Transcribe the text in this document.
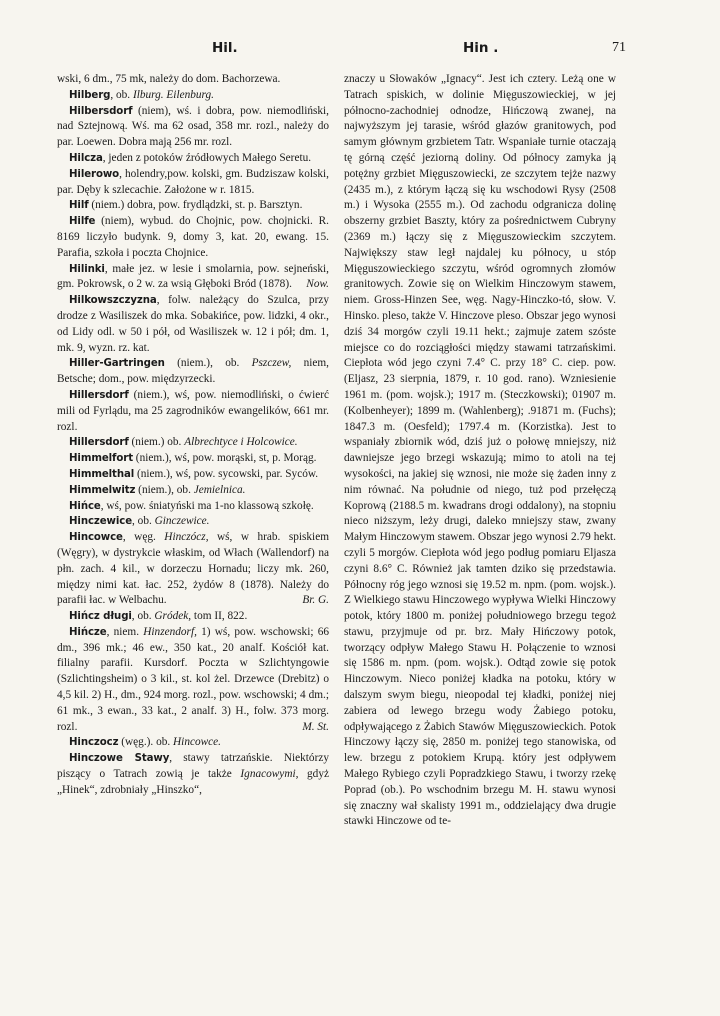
Hil.	Hin .	71

wski, 6 dm., 75 mk, należy do dom. Bachorzewa.

Hilberg, ob. Ilburg. Eilenburg.

Hilbersdorf (niem), wś. i dobra, pow. niemodliński, nad Sztejnową. Wś. ma 62 osad, 358 mr. rozl., należy do par. Loewen. Dobra mają 256 mr. rozl.

Hilcza, jeden z potoków źródłowych Małego Seretu.

Hilerowo, holendry,pow. kolski, gm. Budziszaw kolski, par. Dęby k szlecachie. Założone w r. 1815.

Hilf (niem.) dobra, pow. frydlądzki, st. p. Barsztyn.

Hilfe (niem), wybud. do Chojnic, pow. chojnicki. R. 8169 liczyło budynk. 9, domy 3, kat. 20, ewang. 15. Parafia, szkoła i poczta Chojnice.

Hilinki, małe jez. w lesie i smolarnia, pow. sejneński, gm. Pokrowsk, o 2 w. za wsią Głęboki Bród (1878).	Now.

Hilkowszczyzna, folw. należący do Szulca, przy drodze z Wasiliszek do mka. Sobakińce, pow. lidzki, 4 okr., od Lidy odl. w 50 i pół, od Wasiliszek w. 12 i pół; dm. 1, mk. 9, wyzn. rz. kat.

Hiller-Gartringen (niem.), ob. Pszczew, niem, Betsche; dom., pow. międzyrzecki.

Hillersdorf (niem.), wś, pow. niemodliński, o ćwierć mili od Fyrlądu, ma 25 zagrodników ewangelików, 661 mr. rozl.

Hillersdorf (niem.) ob. Albrechtyce i Holcowice.

Himmelfort (niem.), wś, pow. morąski, st, p. Morąg.

Himmelthal (niem.), wś, pow. sycowski, par. Syców.

Himmelwitz (niem.), ob. Jemielnica.

Hińce, wś, pow. śniatyński ma 1-no klassową szkołę.

Hinczewice, ob. Ginczewice.

Hincowce, węg. Hinczócz, wś, w hrab. spiskiem (Węgry), w dystrykcie właskim, od Włach (Wallendorf) na płn. zach. 4 kil., w dorzeczu Hornadu; liczy mk. 260, między nimi kat. łac. 252, żydów 8 (1878). Należy do parafii łac. w Welbachu.	Br. G.

Hińcz długi, ob. Gródek, tom II, 822.

Hińcze, niem. Hinzendorf, 1) wś, pow. wschowski; 66 dm., 396 mk.; 46 ew., 350 kat., 20 analf. Kościół kat. filialny parafii. Kursdorf. Poczta w Szlichtyngowie (Szlichtingsheim) o 3 kil., st. kol żel. Drzewce (Drebitz) o 4,5 kil. 2) H., dm., 924 morg. rozl., pow. wschowski; 4 dm.; 61 mk., 3 ewan., 33 kat., 2 analf. 3) H., folw. 373 morg. rozl.	M. St.

Hinczocz (węg.). ob. Hincowce.

Hinczowe Stawy, stawy tatrzańskie. Niektórzy piszący o Tatrach zowią je także Ignacowymi, gdyż „Hinek“, zdrobniały „Hinszko“,

znaczy u Słowaków „Ignacy“. Jest ich cztery. Leżą one w Tatrach spiskich, w dolinie Mięguszowieckiej, w jej północno-zachodniej odnodze, Hińczową zwanej, na najwyższym jej tarasie, wśród głazów granitowych, pod samym głównym grzbietem Tatr. Wspaniałe turnie otaczają tę górną część jeziorną doliny. Od północy zamyka ją potężny grzbiet Mięguszowiecki, ze szczytem tejże nazwy (2435 m.), z którym łączą się ku wschodowi Rysy (2508 m.) i Wysoka (2555 m.). Od zachodu odgranicza dolinę obszerny grzbiet Baszty, który za pośrednictwem Cubryny (2369 m.) łączy się z Mięguszowieckim szczytem. Największy staw legł najdalej ku północy, u stóp Mięguszowieckiego szczytu, wśród ogromnych złomów granitowych. Zowie się on Wielkim Hinczowym stawem, niem. Gross-Hinzen See, węg. Nagy-Hinczko-tó, słow. V. Hinsko. pleso, także V. Hinczove pleso. Obszar jego wynosi dziś 34 morgów czyli 19.11 hekt.; zajmuje zatem szóste miejsce co do rozciągłości między stawami tatrzańskimi. Ciepłota wód jego czyni 7.4° C. przy 18° C. ciep. pow. (Eljasz, 23 sierpnia, 1879, r. 10 god. rano). Wzniesienie 1961 m. (pom. wojsk.); 1917 m. (Steczkowski); 01907 m. (Kolbenheyer); 1899 m. (Wahlenberg); .91871 m. (Fuchs); 1847.3 m. (Oesfeld); 1797.4 m. (Korzistka). Jest to wspaniały zbiornik wód, dziś już o połowę mniejszy, niż dawniejsze jego brzegi wskazują; mimo to atoli na tej wysokości, na jakiej się wznosi, nie może się żaden inny z nim równać. Na południe od niego, tuż pod przełęczą Koprową (2188.5 m. kwadrans drogi oddalony), na stopniu nieco niższym, leży drugi, daleko mniejszy staw, zwany Małym Hinczowym stawem. Obszar jego wynosi 2.79 hekt. czyli 5 morgów. Ciepłota wód jego podług pomiaru Eljasza czyni 8.6° C. Również jak tamten dziko się przedstawia. Północny róg jego wznosi się 19.52 m. npm. (pom. wojsk.). Z Wielkiego stawu Hinczowego wypływa Wielki Hinczowy potok, który 1800 m. poniżej południowego brzegu tegoż stawu, przyjmuje od pr. brz. Mały Hińczowy potok, tworzący odpływ Małego Stawu H. Połączenie to wznosi się 1586 m. npm. (pom. wojsk.). Odtąd zowie się potok Hinczowym. Nieco poniżej kładka na potoku, który w dalszym swym biegu, nieopodal tej kładki, poniżej niej zabiera od lewego brzegu wody Żabiego potoku, odpływającego z Żabich Stawów Mięguszowieckich. Potok Hinczowy łączy się, 2850 m. poniżej tego stanowiska, od lew. brzegu z potokiem Krupą. który jest odpływem Małego Rybiego czyli Popradzkiego Stawu, i tworzy rzekę Poprad (ob.). Po wschodnim brzegu M. H. stawu wynosi się znaczny wał skalisty 1991 m., oddzielający dwa drugie stawki Hinczowe od te-
